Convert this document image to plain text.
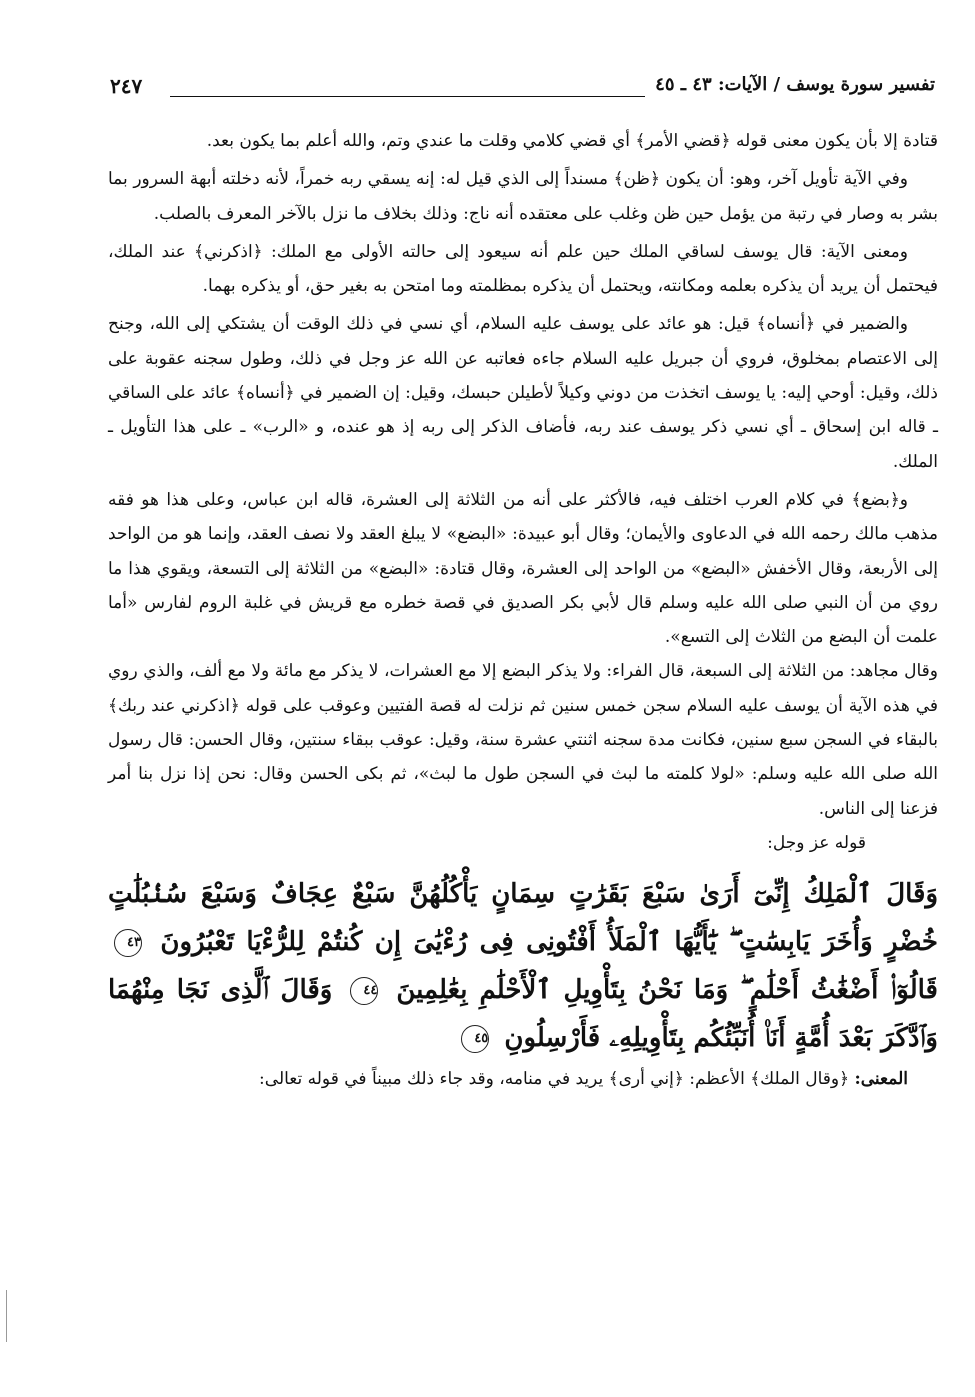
تفسير سورة يوسف / الآيات: ٤٣ ـ ٤٥
٢٤٧

قتادة إلا بأن يكون معنى قوله ﴿قضي الأمر﴾ أي قضي كلامي وقلت ما عندي وتم، والله أعلم بما يكون بعد.

وفي الآية تأويل آخر، وهو: أن يكون ﴿ظن﴾ مسنداً إلى الذي قيل له: إنه يسقي ربه خمراً، لأنه دخلته أبهة السرور بما بشر به وصار في رتبة من يؤمل حين ظن وغلب على معتقده أنه ناج: وذلك بخلاف ما نزل بالآخر المعرف بالصلب.

ومعنى الآية: قال يوسف لساقي الملك حين علم أنه سيعود إلى حالته الأولى مع الملك: ﴿اذكرني﴾ عند الملك، فيحتمل أن يريد أن يذكره بعلمه ومكانته، ويحتمل أن يذكره بمظلمته وما امتحن به بغير حق، أو يذكره بهما.

والضمير في ﴿أنساه﴾ قيل: هو عائد على يوسف عليه السلام، أي نسي في ذلك الوقت أن يشتكي إلى الله، وجنح إلى الاعتصام بمخلوق، فروي أن جبريل عليه السلام جاءه فعاتبه عن الله عز وجل في ذلك، وطول سجنه عقوبة على ذلك، وقيل: أوحي إليه: يا يوسف اتخذت من دوني وكيلاً لأطيلن حبسك، وقيل: إن الضمير في ﴿أنساه﴾ عائد على الساقي ـ قاله ابن إسحاق ـ أي نسي ذكر يوسف عند ربه، فأضاف الذكر إلى ربه إذ هو عنده، و «الرب» ـ على هذا التأويل ـ الملك.

و﴿بضع﴾ في كلام العرب اختلف فيه، فالأكثر على أنه من الثلاثة إلى العشرة، قاله ابن عباس، وعلى هذا هو فقه مذهب مالك رحمه الله في الدعاوى والأيمان؛ وقال أبو عبيدة: «البضع» لا يبلغ العقد ولا نصف العقد، وإنما هو من الواحد إلى الأربعة، وقال الأخفش «البضع» من الواحد إلى العشرة، وقال قتادة: «البضع» من الثلاثة إلى التسعة، ويقوي هذا ما روي من أن النبي صلى الله عليه وسلم قال لأبي بكر الصديق في قصة خطره مع قريش في غلبة الروم لفارس «أما علمت أن البضع من الثلاث إلى التسع».

وقال مجاهد: من الثلاثة إلى السبعة، قال الفراء: ولا يذكر البضع إلا مع العشرات، لا يذكر مع مائة ولا مع ألف، والذي روي في هذه الآية أن يوسف عليه السلام سجن خمس سنين ثم نزلت له قصة الفتيين وعوقب على قوله ﴿اذكرني عند ربك﴾ بالبقاء في السجن سبع سنين، فكانت مدة سجنه اثنتي عشرة سنة، وقيل: عوقب ببقاء سنتين، وقال الحسن: قال رسول الله صلى الله عليه وسلم: «لولا كلمته ما لبث في السجن طول ما لبث»، ثم بكى الحسن وقال: نحن إذا نزل بنا أمر فزعنا إلى الناس.

قوله عز وجل:

وَقَالَ ٱلْمَلِكُ إِنِّىٓ أَرَىٰ سَبْعَ بَقَرَٰتٍ سِمَانٍ يَأْكُلُهُنَّ سَبْعٌ عِجَافٌ وَسَبْعَ سُنۢبُلَٰتٍ خُضْرٍ وَأُخَرَ يَابِسَٰتٍ ۖ يَٰٓأَيُّهَا ٱلْمَلَأُ أَفْتُونِى فِى رُءْيَٰىَ إِن كُنتُمْ لِلرُّءْيَا تَعْبُرُونَ ٤٣ قَالُوٓا۟ أَضْغَٰثُ أَحْلَٰمٍ ۖ وَمَا نَحْنُ بِتَأْوِيلِ ٱلْأَحْلَٰمِ بِعَٰلِمِينَ ٤٤ وَقَالَ ٱلَّذِى نَجَا مِنْهُمَا وَٱدَّكَرَ بَعْدَ أُمَّةٍ أَنَا۠ أُنَبِّئُكُم بِتَأْوِيلِهِۦ فَأَرْسِلُونِ ٤٥

المعنى: ﴿وقال الملك﴾ الأعظم: ﴿إني أرى﴾ يريد في منامه، وقد جاء ذلك مبيناً في قوله تعالى:
